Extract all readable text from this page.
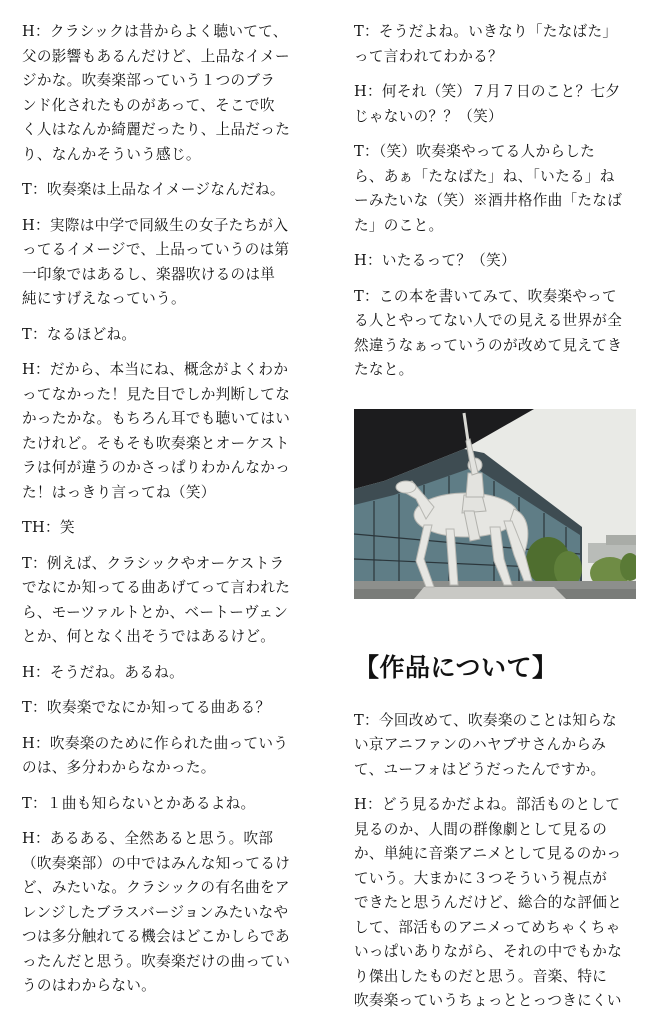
H：クラシックは昔からよく聴いてて、
父の影響もあるんだけど、上品なイメー
ジかな。吹奏楽部っていう１つのブラ
ンド化されたものがあって、そこで吹
く人はなんか綺麗だったり、上品だった
り、なんかそういう感じ。

T：吹奏楽は上品なイメージなんだね。

H：実際は中学で同級生の女子たちが入
ってるイメージで、上品っていうのは第
一印象ではあるし、楽器吹けるのは単
純にすげえなっていう。

T：なるほどね。

H：だから、本当にね、概念がよくわか
ってなかった！見た目でしか判断してな
かったかな。もちろん耳でも聴いてはい
たけれど。そもそも吹奏楽とオーケスト
ラは何が違うのかさっぱりわかんなかっ
た！はっきり言ってね（笑）

TH：笑

T：例えば、クラシックやオーケストラ
でなにか知ってる曲あげてって言われた
ら、モーツァルトとか、ベートーヴェン
とか、何となく出そうではあるけど。

H：そうだね。あるね。

T：吹奏楽でなにか知ってる曲ある？

H：吹奏楽のために作られた曲っていう
のは、多分わからなかった。

T：１曲も知らないとかあるよね。

H：あるある、全然あると思う。吹部
（吹奏楽部）の中ではみんな知ってるけ
ど、みたいな。クラシックの有名曲をア
レンジしたブラスバージョンみたいなや
つは多分触れてる機会はどこかしらであ
ったんだと思う。吹奏楽だけの曲ってい
うのはわからない。

T：そうだよね。いきなり「たなばた」
って言われてわかる？

H：何それ（笑）７月７日のこと？七夕
じゃないの？？（笑）

T：（笑）吹奏楽やってる人からした
ら、あぁ「たなばた」ね、「いたる」ね
ーみたいな（笑）※酒井格作曲「たなば
た」のこと。

H：いたるって？（笑）

T：この本を書いてみて、吹奏楽やって
る人とやってない人での見える世界が全
然違うなぁっていうのが改めて見えてき
たなと。

【作品について】

T：今回改めて、吹奏楽のことは知らな
い京アニファンのハヤブサさんからみ
て、ユーフォはどうだったんですか。

H：どう見るかだよね。部活ものとして
見るのか、人間の群像劇として見るの
か、単純に音楽アニメとして見るのかっ
ていう。大まかに３つそういう視点が
できたと思うんだけど、総合的な評価と
して、部活ものアニメってめちゃくちゃ
いっぱいありながら、それの中でもかな
り傑出したものだと思う。音楽、特に
吹奏楽っていうちょっととっつきにくい
